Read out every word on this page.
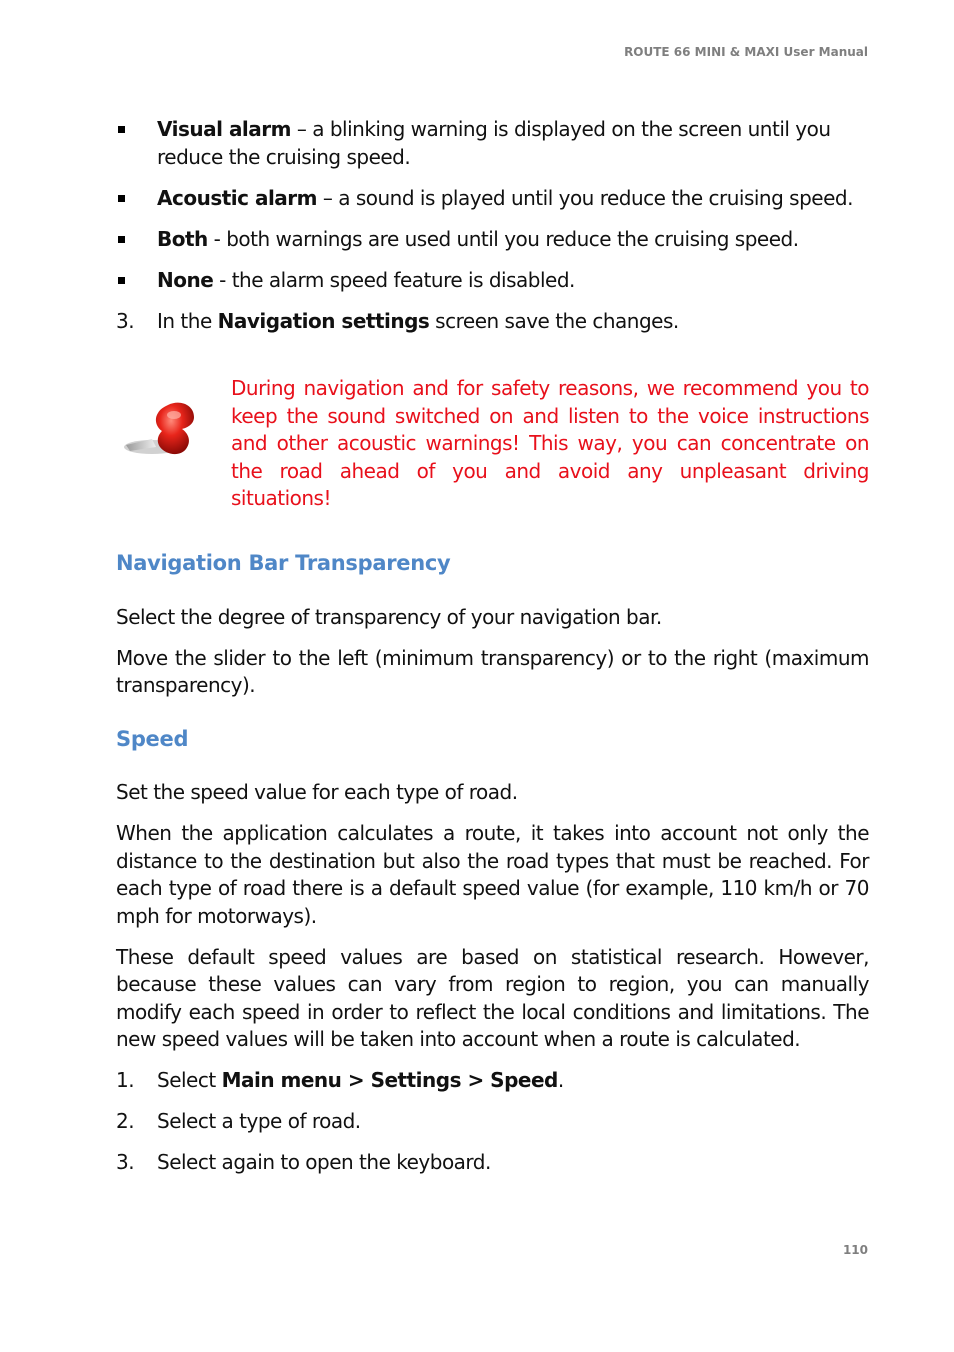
ROUTE 66 MINI & MAXI User Manual
Visual alarm – a blinking warning is displayed on the screen until you reduce the cruising speed.
Acoustic alarm – a sound is played until you reduce the cruising speed.
Both - both warnings are used until you reduce the cruising speed.
None - the alarm speed feature is disabled.
3. In the Navigation settings screen save the changes.
During navigation and for safety reasons, we recommend you to keep the sound switched on and listen to the voice instructions and other acoustic warnings! This way, you can concentrate on the road ahead of you and avoid any unpleasant driving situations!
Navigation Bar Transparency

Select the degree of transparency of your navigation bar.

Move the slider to the left (minimum transparency) or to the right (maximum transparency).

Speed

Set the speed value for each type of road.

When the application calculates a route, it takes into account not only the distance to the destination but also the road types that must be reached. For each type of road there is a default speed value (for example, 110 km/h or 70 mph for motorways).

These default speed values are based on statistical research. However, because these values can vary from region to region, you can manually modify each speed in order to reflect the local conditions and limitations. The new speed values will be taken into account when a route is calculated.

1. Select Main menu > Settings > Speed.
2. Select a type of road.
3. Select again to open the keyboard.
110
